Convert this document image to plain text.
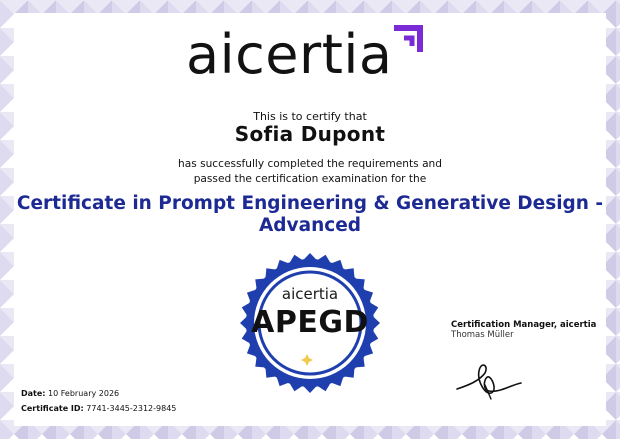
aicertia
This is to certify that
Sofia Dupont
has successfully completed the requirements and
passed the certification examination for the
Certificate in Prompt Engineering & Generative Design -
Advanced
aicertia
APEGD	Certification Manager, aicertia
Thomas Müller
Date: 10 February 2026
Certificate ID: 7741-3445-2312-9845
